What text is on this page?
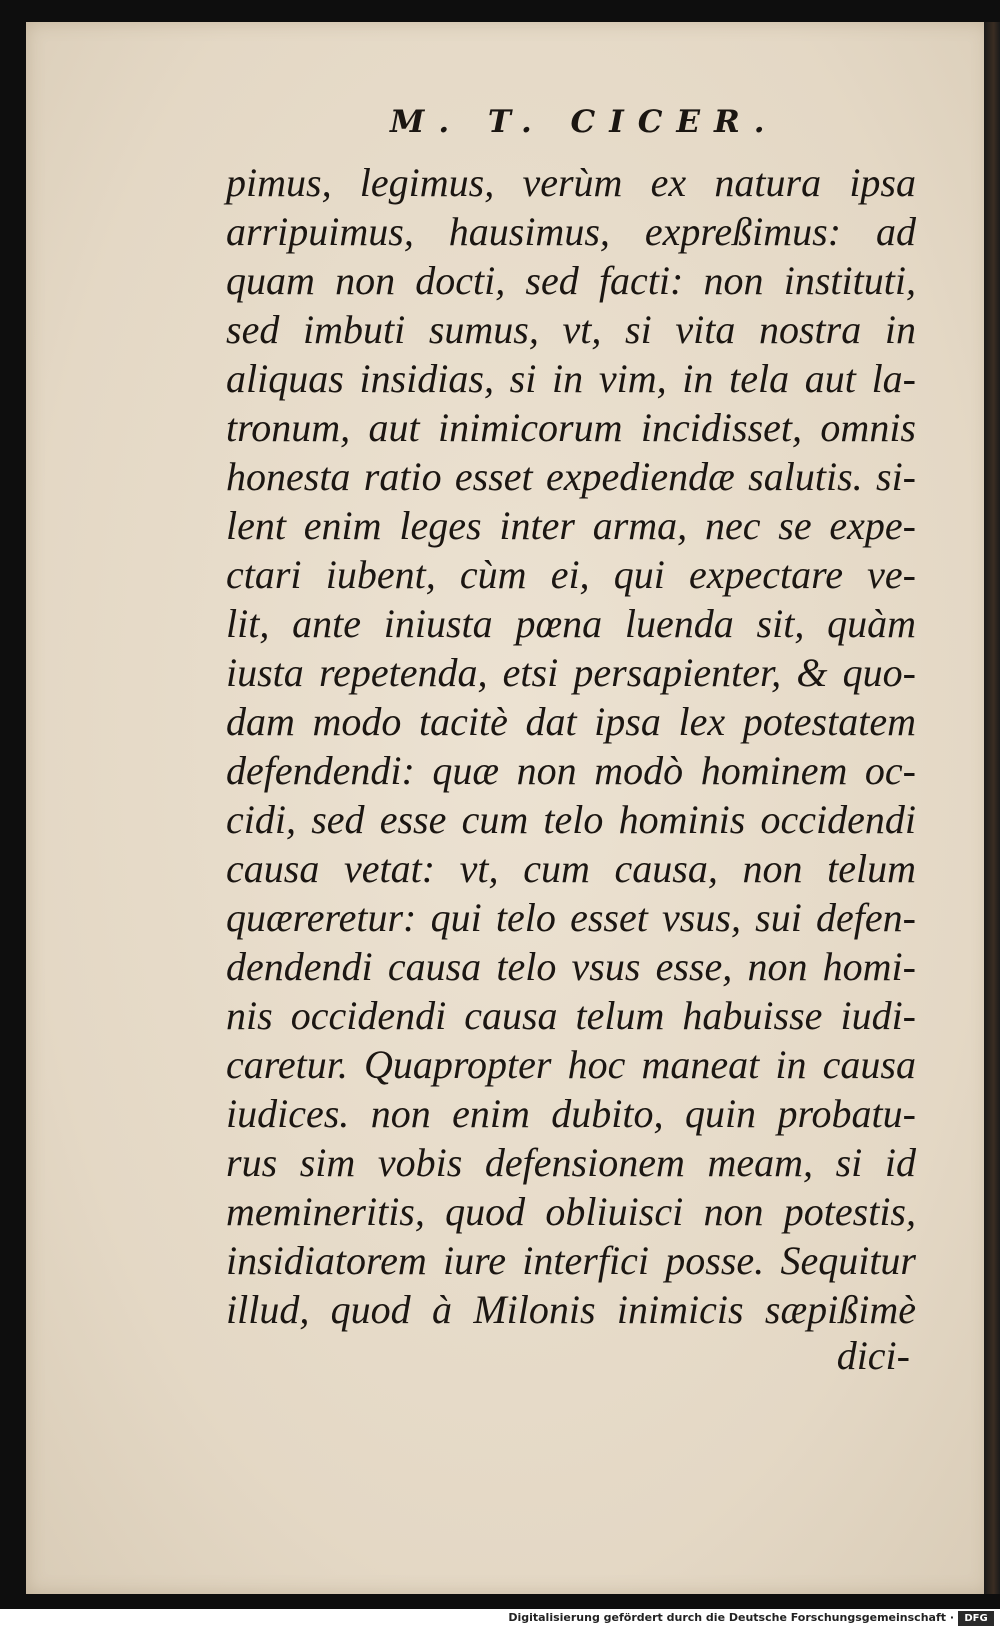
M. T. CICER.
pimus, legimus, verùm ex natura ipsa
arripuimus, hausimus, expreßimus: ad
quam non docti, sed facti: non instituti,
sed imbuti sumus, vt, si vita nostra in
aliquas insidias, si in vim, in tela aut la-
tronum, aut inimicorum incidisset, omnis
honesta ratio esset expediendæ salutis. si-
lent enim leges inter arma, nec se expe-
ctari iubent, cùm ei, qui expectare ve-
lit, ante iniusta pœna luenda sit, quàm
iusta repetenda, etsi persapienter, & quo-
dam modo tacitè dat ipsa lex potestatem
defendendi: quæ non modò hominem oc-
cidi, sed esse cum telo hominis occidendi
causa vetat: vt, cum causa, non telum
quæreretur: qui telo esset vsus, sui defen-
dendendi causa telo vsus esse, non homi-
nis occidendi causa telum habuisse iudi-
caretur. Quapropter hoc maneat in causa
iudices. non enim dubito, quin probatu-
rus sim vobis defensionem meam, si id
memineritis, quod obliuisci non potestis,
insidiatorem iure interfici posse. Sequitur
illud, quod à Milonis inimicis sæpißimè
dici-
Digitalisierung gefördert durch die Deutsche Forschungsgemeinschaft ·	DFG
